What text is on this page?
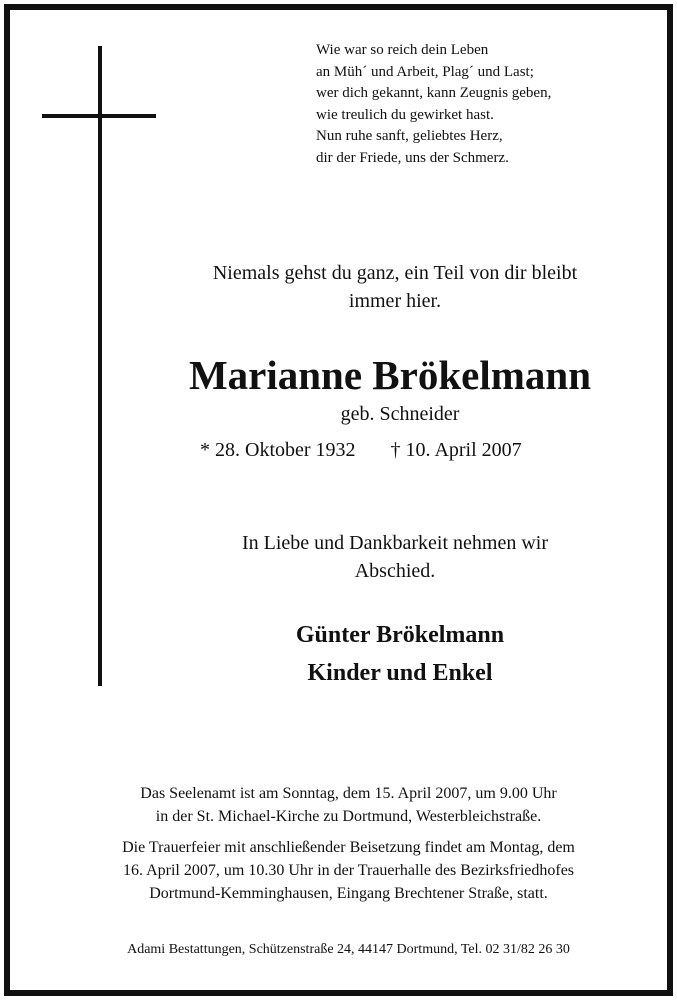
Wie war so reich dein Leben
an Müh´ und Arbeit, Plag´ und Last;
wer dich gekannt, kann Zeugnis geben,
wie treulich du gewirket hast.
Nun ruhe sanft, geliebtes Herz,
dir der Friede, uns der Schmerz.
Niemals gehst du ganz, ein Teil von dir bleibt
immer hier.
Marianne Brökelmann
geb. Schneider
* 28. Oktober 1932 † 10. April 2007
In Liebe und Dankbarkeit nehmen wir
Abschied.
Günter Brökelmann
Kinder und Enkel

Das Seelenamt ist am Sonntag, dem 15. April 2007, um 9.00 Uhr
in der St. Michael-Kirche zu Dortmund, Westerbleichstraße.

Die Trauerfeier mit anschließender Beisetzung findet am Montag, dem
16. April 2007, um 10.30 Uhr in der Trauerhalle des Bezirksfriedhofes
Dortmund-Kemminghausen, Eingang Brechtener Straße, statt.

Adami Bestattungen, Schützenstraße 24, 44147 Dortmund, Tel. 02 31/82 26 30
